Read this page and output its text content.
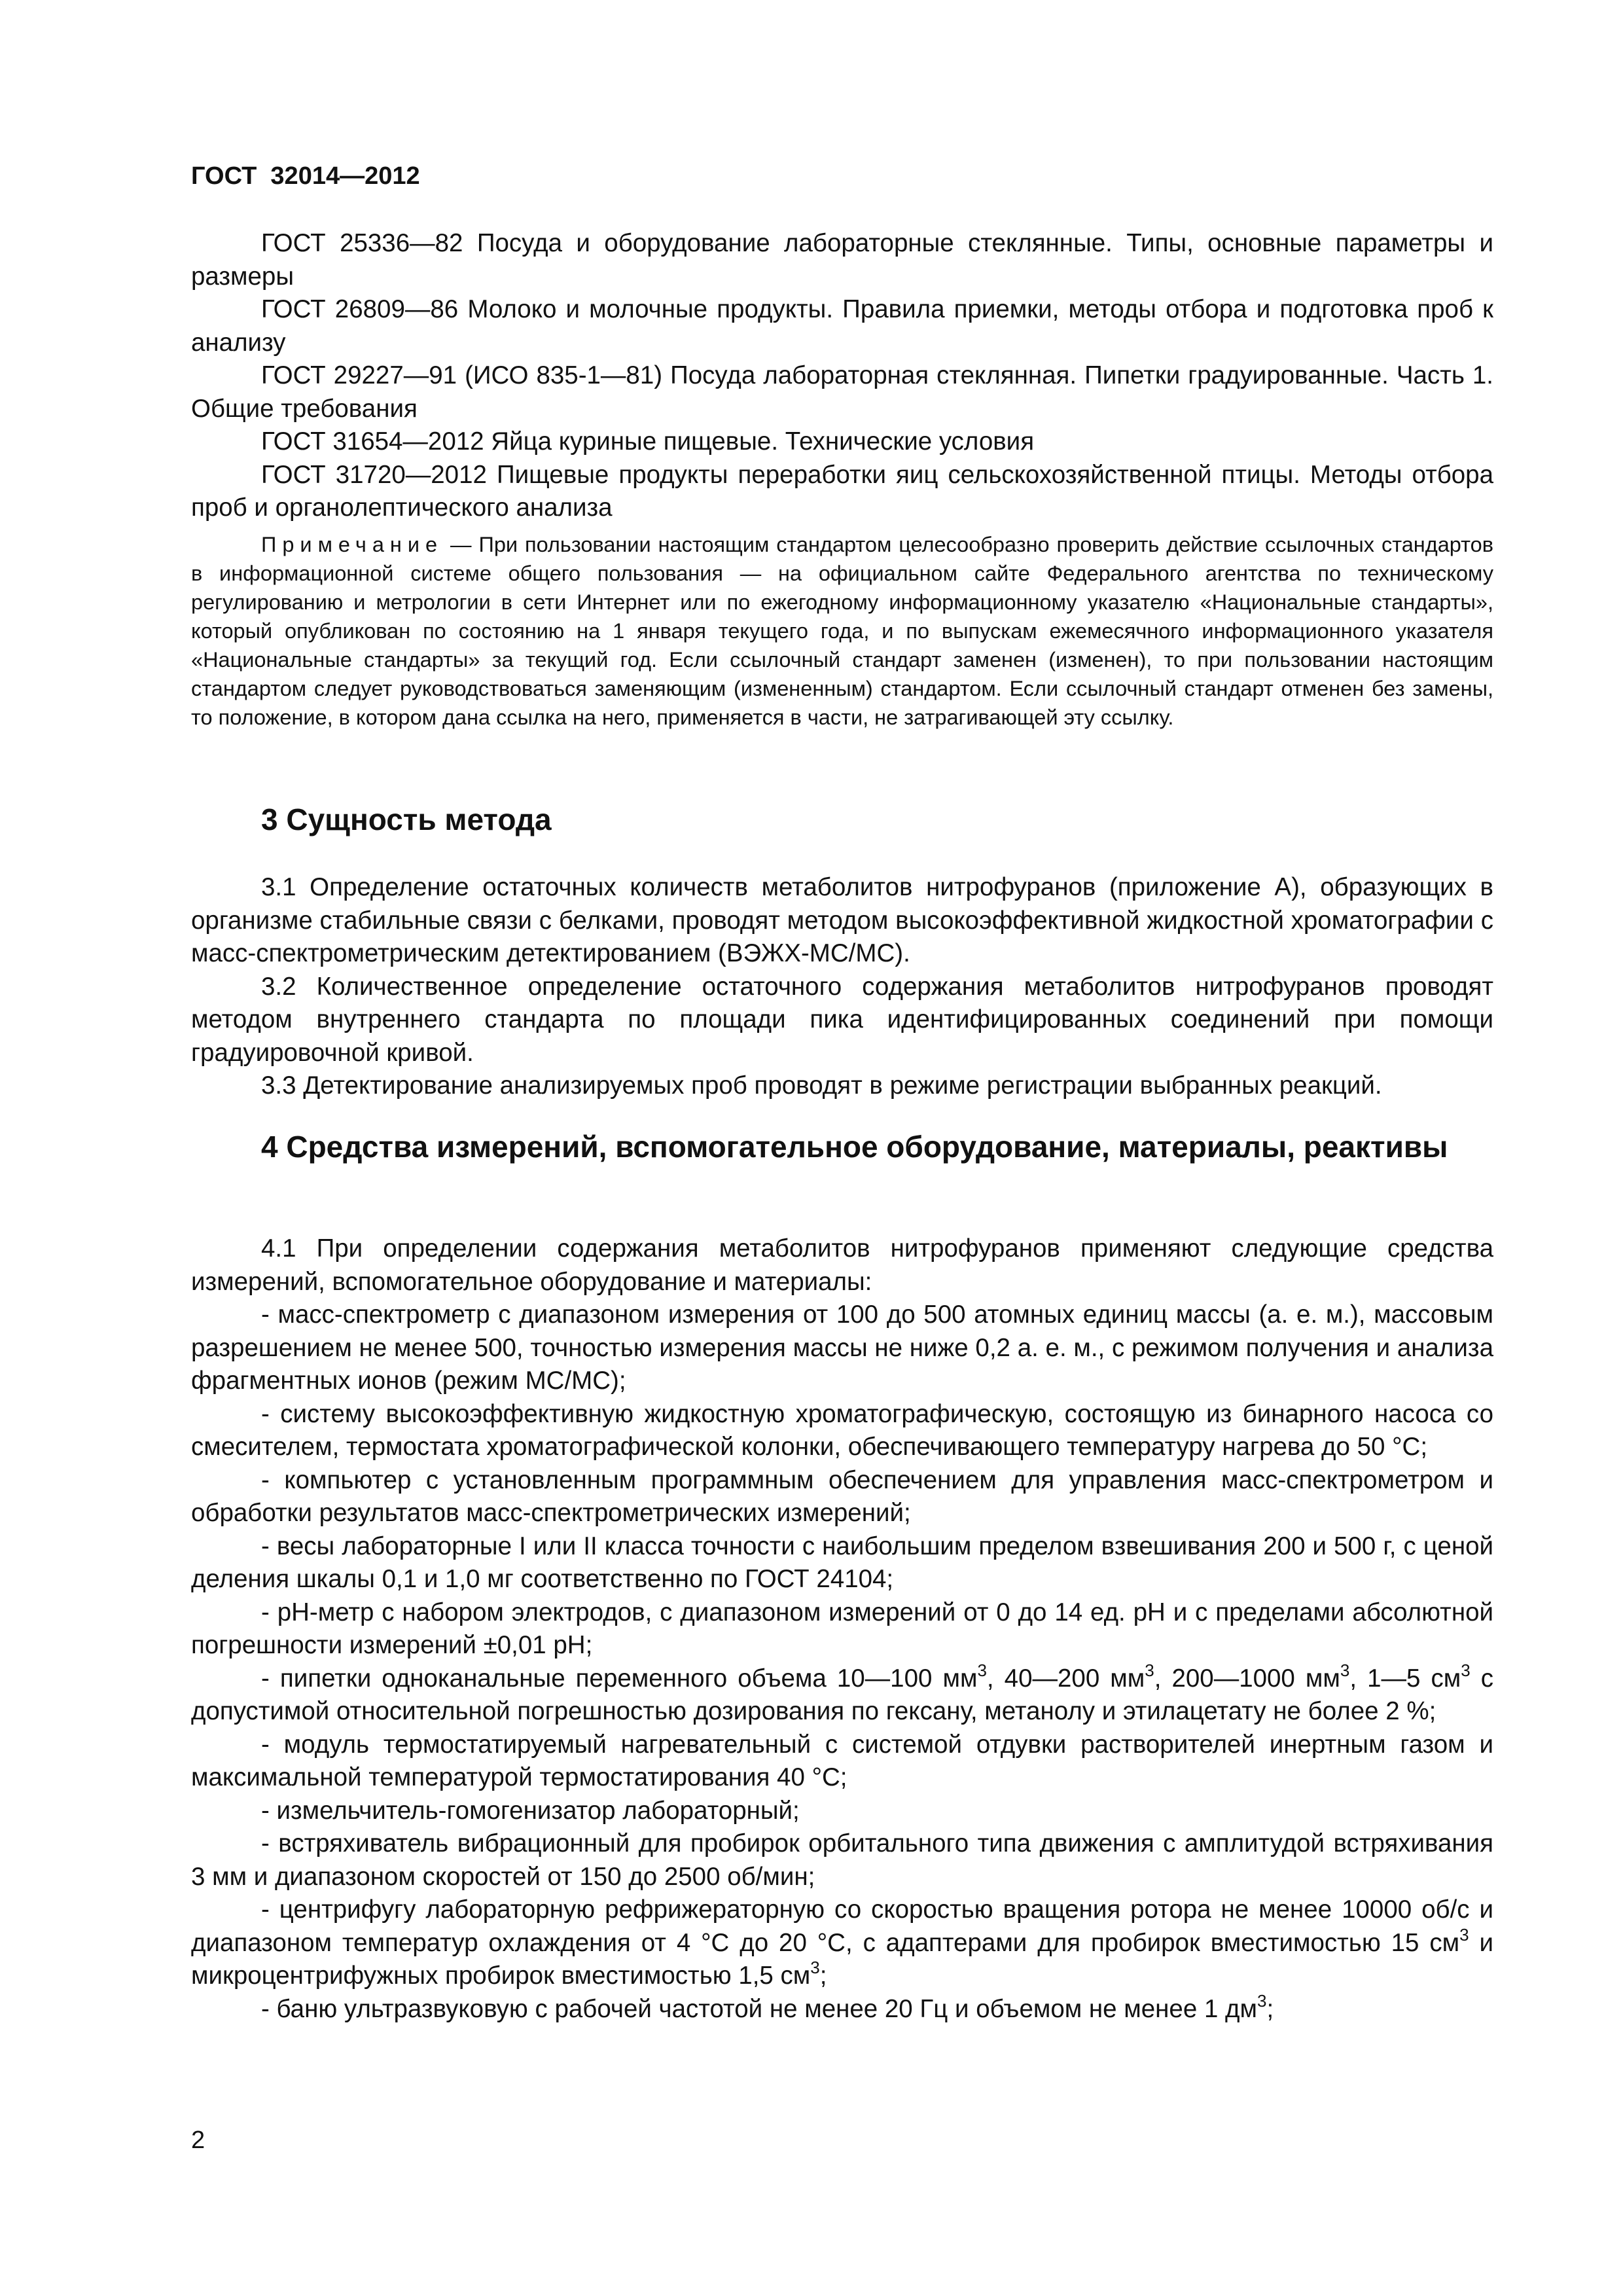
ГОСТ  32014—2012

ГОСТ 25336—82 Посуда и оборудование лабораторные стеклянные. Типы, основные параметры и размеры

ГОСТ 26809—86 Молоко и молочные продукты. Правила приемки, методы отбора и подготовка проб к анализу

ГОСТ 29227—91 (ИСО 835-1—81) Посуда лабораторная стеклянная. Пипетки градуированные. Часть 1. Общие требования

ГОСТ 31654—2012 Яйца куриные пищевые. Технические условия

ГОСТ 31720—2012 Пищевые продукты переработки яиц сельскохозяйственной птицы. Методы отбора проб и органолептического анализа

Примечание — При пользовании настоящим стандартом целесообразно проверить действие ссылочных стандартов в информационной системе общего пользования — на официальном сайте Федерального агентства по техническому регулированию и метрологии в сети Интернет или по ежегодному информационному указателю «Национальные стандарты», который опубликован по состоянию на 1 января текущего года, и по выпускам ежемесячного информационного указателя «Национальные стандарты» за текущий год. Если ссылочный стандарт заменен (изменен), то при пользовании настоящим стандартом следует руководствоваться заменяющим (измененным) стандартом. Если ссылочный стандарт отменен без замены, то положение, в котором дана ссылка на него, применяется в части, не затрагивающей эту ссылку.

3 Сущность метода

3.1 Определение остаточных количеств метаболитов нитрофуранов (приложение А), образующих в организме стабильные связи с белками, проводят методом высокоэффективной жидкостной хроматографии с масс-спектрометрическим детектированием (ВЭЖХ-МС/МС).

3.2 Количественное определение остаточного содержания метаболитов нитрофуранов проводят методом внутреннего стандарта по площади пика идентифицированных соединений при помощи градуировочной кривой.

3.3 Детектирование анализируемых проб проводят в режиме регистрации выбранных реакций.

4 Средства измерений, вспомогательное оборудование, материалы, реактивы

4.1 При определении содержания метаболитов нитрофуранов применяют следующие средства измерений, вспомогательное оборудование и материалы:

- масс-спектрометр с диапазоном измерения от 100 до 500 атомных единиц массы (а. е. м.), массовым разрешением не менее 500, точностью измерения массы не ниже 0,2 а. е. м., с режимом получения и анализа фрагментных ионов (режим МС/МС);

- систему высокоэффективную жидкостную хроматографическую, состоящую из бинарного насоса со смесителем, термостата хроматографической колонки, обеспечивающего температуру нагрева до 50 °С;

- компьютер с установленным программным обеспечением для управления масс-спектрометром и обработки результатов масс-спектрометрических измерений;

- весы лабораторные I или II класса точности с наибольшим пределом взвешивания 200 и 500 г, с ценой деления шкалы 0,1 и 1,0 мг соответственно по ГОСТ 24104;

- рН-метр с набором электродов, с диапазоном измерений от 0 до 14 ед. рН и с пределами абсолютной погрешности измерений ±0,01 рН;

- пипетки одноканальные переменного объема 10—100 $мм^3$, 40—200 $мм^3$, 200—1000 $мм^3$, 1—5 $см^3$ с допустимой относительной погрешностью дозирования по гексану, метанолу и этилацетату не более 2 %;

- модуль термостатируемый нагревательный с системой отдувки растворителей инертным газом и максимальной температурой термостатирования 40 °С;

- измельчитель-гомогенизатор лабораторный;

- встряхиватель вибрационный для пробирок орбитального типа движения с амплитудой встряхивания 3 мм и диапазоном скоростей от 150 до 2500 об/мин;

- центрифугу лабораторную рефрижераторную со скоростью вращения ротора не менее 10000 об/с и диапазоном температур охлаждения от 4 °С до 20 °С, с адаптерами для пробирок вместимостью 15 $см^3$ и микроцентрифужных пробирок вместимостью 1,5 $см^3$;

- баню ультразвуковую с рабочей частотой не менее 20 Гц и объемом не менее 1 $дм^3$;

2
